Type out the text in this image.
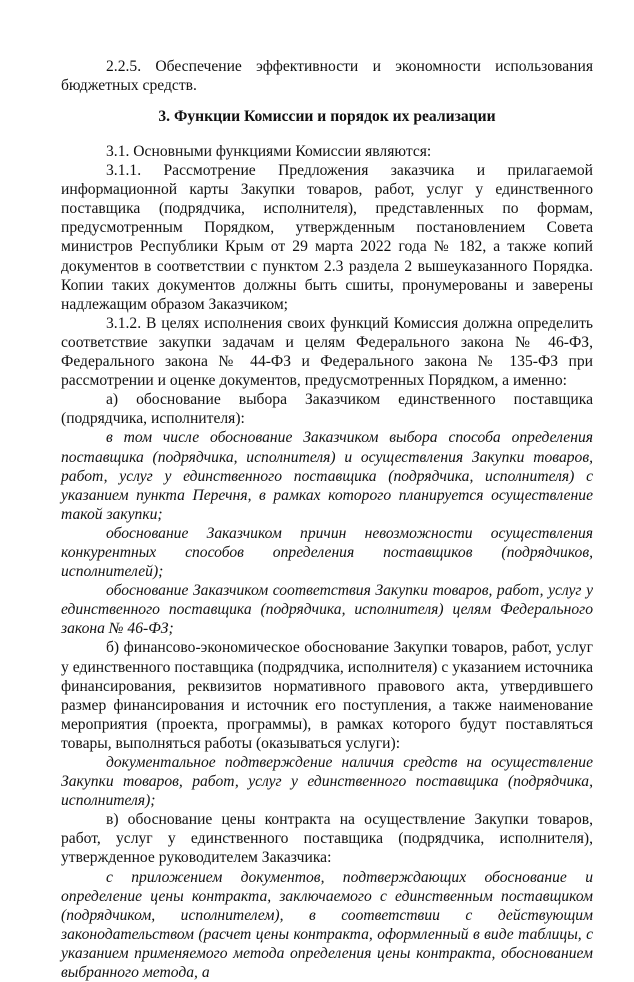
2.2.5. Обеспечение эффективности и экономности использования бюджетных средств.

3. Функции Комиссии и порядок их реализации

3.1. Основными функциями Комиссии являются:

3.1.1. Рассмотрение Предложения заказчика и прилагаемой информационной карты Закупки товаров, работ, услуг у единственного поставщика (подрядчика, исполнителя), представленных по формам, предусмотренным Порядком, утвержденным постановлением Совета министров Республики Крым от 29 марта 2022 года № 182, а также копий документов в соответствии с пунктом 2.3 раздела 2 вышеуказанного Порядка. Копии таких документов должны быть сшиты, пронумерованы и заверены надлежащим образом Заказчиком;

3.1.2. В целях исполнения своих функций Комиссия должна определить соответствие закупки задачам и целям Федерального закона № 46-ФЗ, Федерального закона № 44-ФЗ и Федерального закона № 135-ФЗ при рассмотрении и оценке документов, предусмотренных Порядком, а именно:

а) обоснование выбора Заказчиком единственного поставщика (подрядчика, исполнителя):

в том числе обоснование Заказчиком выбора способа определения поставщика (подрядчика, исполнителя) и осуществления Закупки товаров, работ, услуг у единственного поставщика (подрядчика, исполнителя) с указанием пункта Перечня, в рамках которого планируется осуществление такой закупки;

обоснование Заказчиком причин невозможности осуществления конкурентных способов определения поставщиков (подрядчиков, исполнителей);

обоснование Заказчиком соответствия Закупки товаров, работ, услуг у единственного поставщика (подрядчика, исполнителя) целям Федерального закона № 46-ФЗ;

б) финансово-экономическое обоснование Закупки товаров, работ, услуг у единственного поставщика (подрядчика, исполнителя) с указанием источника финансирования, реквизитов нормативного правового акта, утвердившего размер финансирования и источник его поступления, а также наименование мероприятия (проекта, программы), в рамках которого будут поставляться товары, выполняться работы (оказываться услуги):

документальное подтверждение наличия средств на осуществление Закупки товаров, работ, услуг у единственного поставщика (подрядчика, исполнителя);

в) обоснование цены контракта на осуществление Закупки товаров, работ, услуг у единственного поставщика (подрядчика, исполнителя), утвержденное руководителем Заказчика:

с приложением документов, подтверждающих обоснование и определение цены контракта, заключаемого с единственным поставщиком (подрядчиком, исполнителем), в соответствии с действующим законодательством (расчет цены контракта, оформленный в виде таблицы, с указанием применяемого метода определения цены контракта, обоснованием выбранного метода, а
